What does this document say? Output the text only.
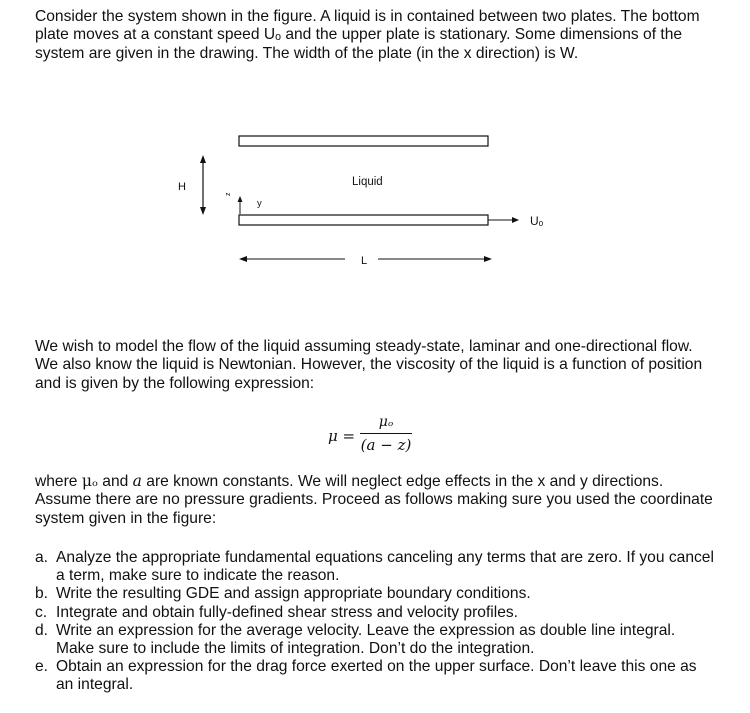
Consider the system shown in the figure. A liquid is in contained between two plates. The bottom plate moves at a constant speed Uₒ and the upper plate is stationary. Some dimensions of the system are given in the drawing. The width of the plate (in the x direction) is W.

Liquid
H
z
y
Uₒ
L

We wish to model the flow of the liquid assuming steady-state, laminar and one-directional flow. We also know the liquid is Newtonian. However, the viscosity of the liquid is a function of position and is given by the following expression:

μ =
μₒ
(a − z)

where μₒ and a are known constants. We will neglect edge effects in the x and y directions. Assume there are no pressure gradients. Proceed as follows making sure you used the coordinate system given in the figure:

a. Analyze the appropriate fundamental equations canceling any terms that are zero. If you cancel a term, make sure to indicate the reason.
b. Write the resulting GDE and assign appropriate boundary conditions.
c. Integrate and obtain fully-defined shear stress and velocity profiles.
d. Write an expression for the average velocity. Leave the expression as double line integral. Make sure to include the limits of integration. Don’t do the integration.
e. Obtain an expression for the drag force exerted on the upper surface. Don’t leave this one as an integral.
